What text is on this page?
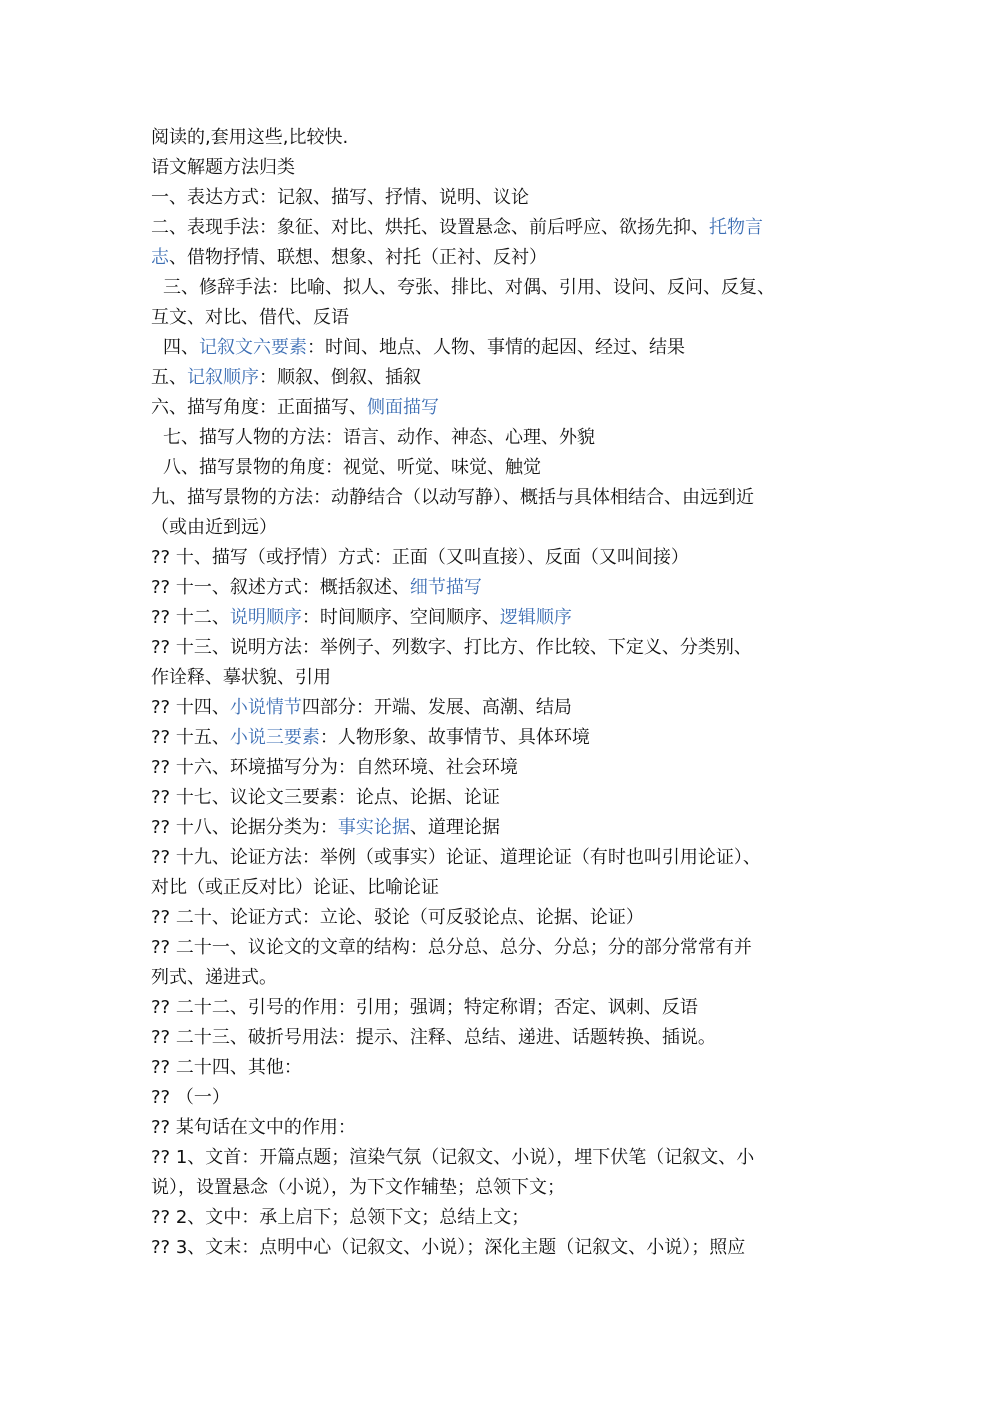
阅读的,套用这些,比较快.
语文解题方法归类
一、表达方式：记叙、描写、抒情、说明、议论
二、表现手法：象征、对比、烘托、设置悬念、前后呼应、欲扬先抑、托物言
志、借物抒情、联想、想象、衬托（正衬、反衬）
三、修辞手法：比喻、拟人、夸张、排比、对偶、引用、设问、反问、反复、
互文、对比、借代、反语
四、记叙文六要素：时间、地点、人物、事情的起因、经过、结果
五、记叙顺序：顺叙、倒叙、插叙
六、描写角度：正面描写、侧面描写
七、描写人物的方法：语言、动作、神态、心理、外貌
八、描写景物的角度：视觉、听觉、味觉、触觉
九、描写景物的方法：动静结合（以动写静）、概括与具体相结合、由远到近
（或由近到远）
?? 十、描写（或抒情）方式：正面（又叫直接）、反面（又叫间接）
?? 十一、叙述方式：概括叙述、细节描写
?? 十二、说明顺序：时间顺序、空间顺序、逻辑顺序
?? 十三、说明方法：举例子、列数字、打比方、作比较、下定义、分类别、
作诠释、摹状貌、引用
?? 十四、小说情节四部分：开端、发展、高潮、结局
?? 十五、小说三要素：人物形象、故事情节、具体环境
?? 十六、环境描写分为：自然环境、社会环境
?? 十七、议论文三要素：论点、论据、论证
?? 十八、论据分类为：事实论据、道理论据
?? 十九、论证方法：举例（或事实）论证、道理论证（有时也叫引用论证）、
对比（或正反对比）论证、比喻论证
?? 二十、论证方式：立论、驳论（可反驳论点、论据、论证）
?? 二十一、议论文的文章的结构：总分总、总分、分总；分的部分常常有并
列式、递进式。
?? 二十二、引号的作用：引用；强调；特定称谓；否定、讽刺、反语
?? 二十三、破折号用法：提示、注释、总结、递进、话题转换、插说。
?? 二十四、其他：
?? （一）
?? 某句话在文中的作用：
?? 1、文首：开篇点题；渲染气氛（记叙文、小说），埋下伏笔（记叙文、小
说），设置悬念（小说），为下文作辅垫；总领下文；
?? 2、文中：承上启下；总领下文；总结上文；
?? 3、文末：点明中心（记叙文、小说）；深化主题（记叙文、小说）；照应
